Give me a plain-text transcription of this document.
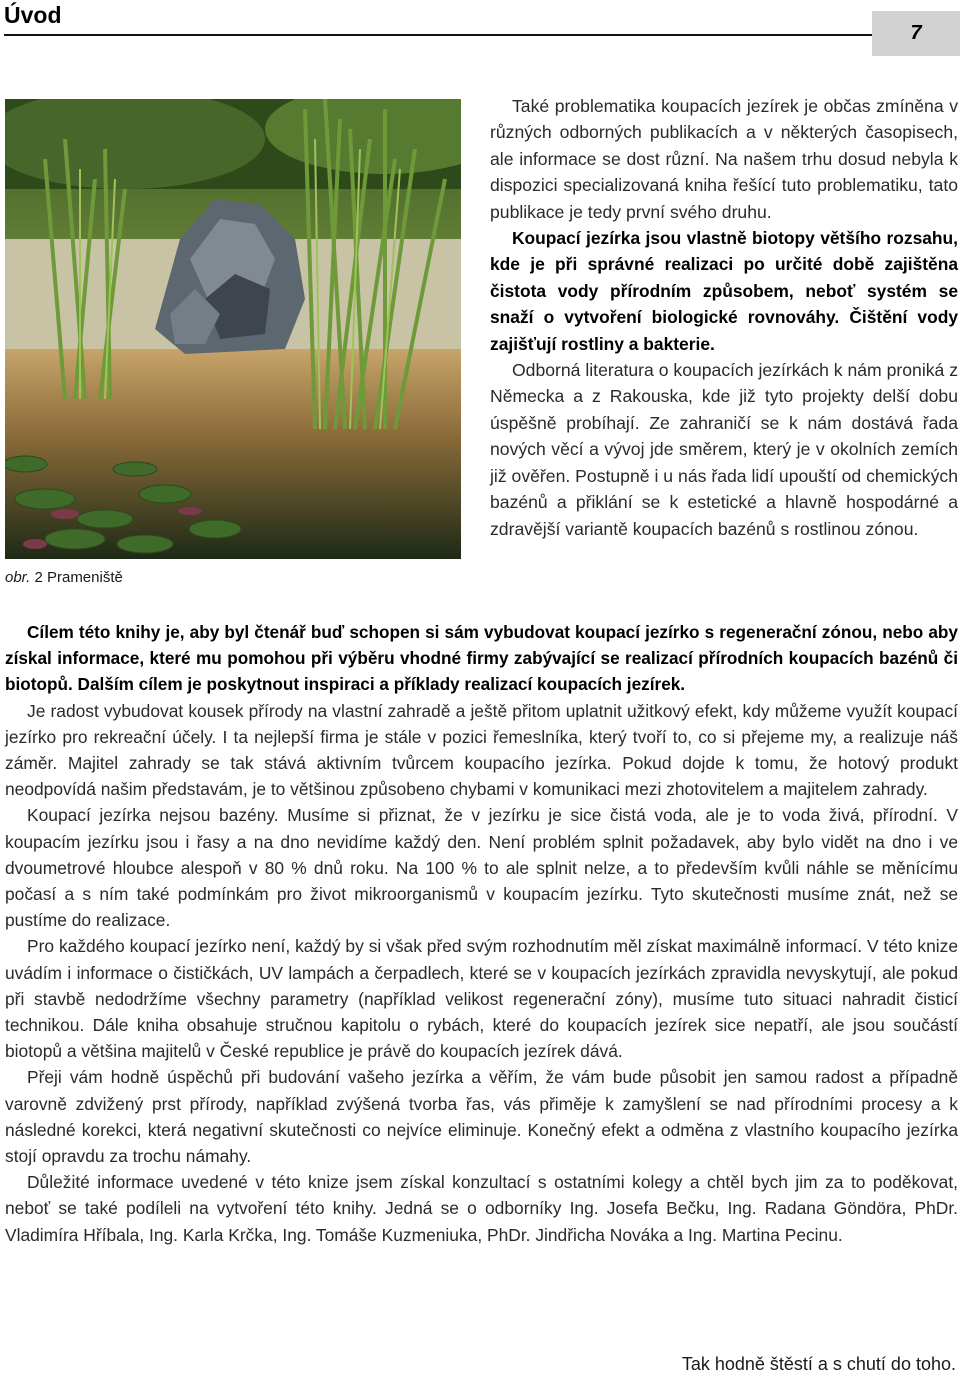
Úvod
7
obr. 2 Prameniště

Také problematika koupacích jezírek je občas zmíněna v různých odborných publikacích a v některých časopisech, ale informace se dost různí. Na našem trhu dosud nebyla k dispozici specializovaná kniha řešící tuto problematiku, tato publikace je tedy první svého druhu.

Koupací jezírka jsou vlastně biotopy většího rozsahu, kde je při správné realizaci po určité době zajištěna čistota vody přírodním způsobem, neboť systém se snaží o vytvoření biologické rovnováhy. Čištění vody zajišťují rostliny a bakterie.

Odborná literatura o koupacích jezírkách k nám proniká z Německa a z Rakouska, kde již tyto projekty delší dobu úspěšně probíhají. Ze zahraničí se k nám dostává řada nových věcí a vývoj jde směrem, který je v okolních zemích již ověřen. Postupně i u nás řada lidí upouští od chemických bazénů a přiklání se k estetické a hlavně hospodárné a zdravější variantě koupacích bazénů s rostlinou zónou.

Cílem této knihy je, aby byl čtenář buď schopen si sám vybudovat koupací jezírko s regenerační zónou, nebo aby získal informace, které mu pomohou při výběru vhodné firmy zabývající se realizací přírodních koupacích bazénů či biotopů. Dalším cílem je poskytnout inspiraci a příklady realizací koupacích jezírek.

Je radost vybudovat kousek přírody na vlastní zahradě a ještě přitom uplatnit užitkový efekt, kdy můžeme využít koupací jezírko pro rekreační účely. I ta nejlepší firma je stále v pozici řemeslníka, který tvoří to, co si přejeme my, a realizuje náš záměr. Majitel zahrady se tak stává aktivním tvůrcem koupacího jezírka. Pokud dojde k tomu, že hotový produkt neodpovídá našim představám, je to většinou způsobeno chybami v komunikaci mezi zhotovitelem a majitelem zahrady.

Koupací jezírka nejsou bazény. Musíme si přiznat, že v jezírku je sice čistá voda, ale je to voda živá, přírodní. V koupacím jezírku jsou i řasy a na dno nevidíme každý den. Není problém splnit požadavek, aby bylo vidět na dno i ve dvoumetrové hloubce alespoň v 80 % dnů roku. Na 100 % to ale splnit nelze, a to především kvůli náhle se měnícímu počasí a s ním také podmínkám pro život mikroorganismů v koupacím jezírku. Tyto skutečnosti musíme znát, než se pustíme do realizace.

Pro každého koupací jezírko není, každý by si však před svým rozhodnutím měl získat maximálně informací. V této knize uvádím i informace o čističkách, UV lampách a čerpadlech, které se v koupacích jezírkách zpravidla nevyskytují, ale pokud při stavbě nedodržíme všechny parametry (například velikost regenerační zóny), musíme tuto situaci nahradit čisticí technikou. Dále kniha obsahuje stručnou kapitolu o rybách, které do koupacích jezírek sice nepatří, ale jsou součástí biotopů a většina majitelů v České republice je právě do koupacích jezírek dává.

Přeji vám hodně úspěchů při budování vašeho jezírka a věřím, že vám bude působit jen samou radost a případně varovně zdvižený prst přírody, například zvýšená tvorba řas, vás přiměje k zamyšlení se nad přírodními procesy a k následné korekci, která negativní skutečnosti co nejvíce eliminuje. Konečný efekt a odměna z vlastního koupacího jezírka stojí opravdu za trochu námahy.

Důležité informace uvedené v této knize jsem získal konzultací s ostatními kolegy a chtěl bych jim za to poděkovat, neboť se také podíleli na vytvoření této knihy. Jedná se o odborníky Ing. Josefa Bečku, Ing. Radana Göndöra, PhDr. Vladimíra Hříbala, Ing. Karla Krčka, Ing. Tomáše Kuzmeniuka, PhDr. Jindřicha Nováka a Ing. Martina Pecinu.

Tak hodně štěstí a s chutí do toho.
